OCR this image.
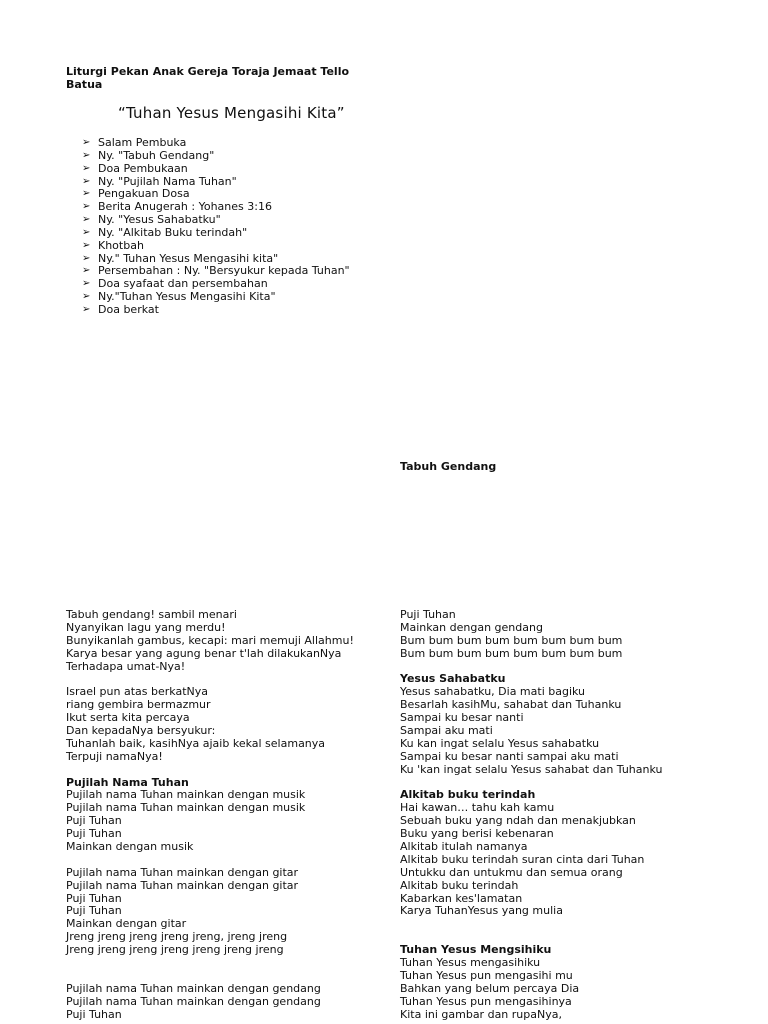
Liturgi Pekan Anak Gereja Toraja Jemaat Tello Batua
“Tuhan Yesus Mengasihi Kita”
➢ Salam Pembuka
➢ Ny. "Tabuh Gendang"
➢ Doa Pembukaan
➢ Ny. "Pujilah Nama Tuhan"
➢ Pengakuan Dosa
➢ Berita Anugerah : Yohanes 3:16
➢ Ny. "Yesus Sahabatku"
➢ Ny. "Alkitab Buku terindah"
➢ Khotbah
➢ Ny." Tuhan Yesus Mengasihi kita"
➢ Persembahan : Ny. "Bersyukur kepada Tuhan"
➢ Doa syafaat dan persembahan
➢ Ny."Tuhan Yesus Mengasihi Kita"
➢ Doa berkat
Tabuh Gendang
Tabuh gendang! sambil menari
Nyanyikan lagu yang merdu!
Bunyikanlah gambus, kecapi: mari memuji Allahmu!
Karya besar yang agung benar t'lah dilakukanNya
Terhadapa umat-Nya!
Israel pun atas berkatNya
riang gembira bermazmur
Ikut serta kita percaya
Dan kepadaNya bersyukur:
Tuhanlah baik, kasihNya ajaib kekal selamanya
Terpuji namaNya!
Pujilah Nama Tuhan
Pujilah nama Tuhan mainkan dengan musik
Pujilah nama Tuhan mainkan dengan musik
Puji Tuhan
Puji Tuhan
Mainkan dengan musik
Pujilah nama Tuhan mainkan dengan gitar
Pujilah nama Tuhan mainkan dengan gitar
Puji Tuhan
Puji Tuhan
Mainkan dengan gitar
Jreng jreng jreng jreng jreng, jreng jreng
Jreng jreng jreng jreng jreng jreng jreng
Pujilah nama Tuhan mainkan dengan gendang
Pujilah nama Tuhan mainkan dengan gendang
Puji Tuhan
Puji Tuhan
Mainkan dengan gendang
Bum bum bum bum bum bum bum bum
Bum bum bum bum bum bum bum bum
Yesus Sahabatku
Yesus sahabatku, Dia mati bagiku
Besarlah kasihMu, sahabat dan Tuhanku
Sampai ku besar nanti
Sampai aku mati
Ku kan ingat selalu Yesus sahabatku
Sampai ku besar nanti sampai aku mati
Ku 'kan ingat selalu Yesus sahabat dan Tuhanku
Alkitab buku terindah
Hai kawan… tahu kah kamu
Sebuah buku yang ndah dan menakjubkan
Buku yang berisi kebenaran
Alkitab itulah namanya
Alkitab buku terindah suran cinta dari Tuhan
Untukku dan untukmu dan semua orang
Alkitab buku terindah
Kabarkan kes'lamatan
Karya TuhanYesus yang mulia
Tuhan Yesus Mengsihiku
Tuhan Yesus mengasihiku
Tuhan Yesus pun mengasihi mu
Bahkan yang belum percaya Dia
Tuhan Yesus pun mengasihinya
Kita ini gambar dan rupaNya,
